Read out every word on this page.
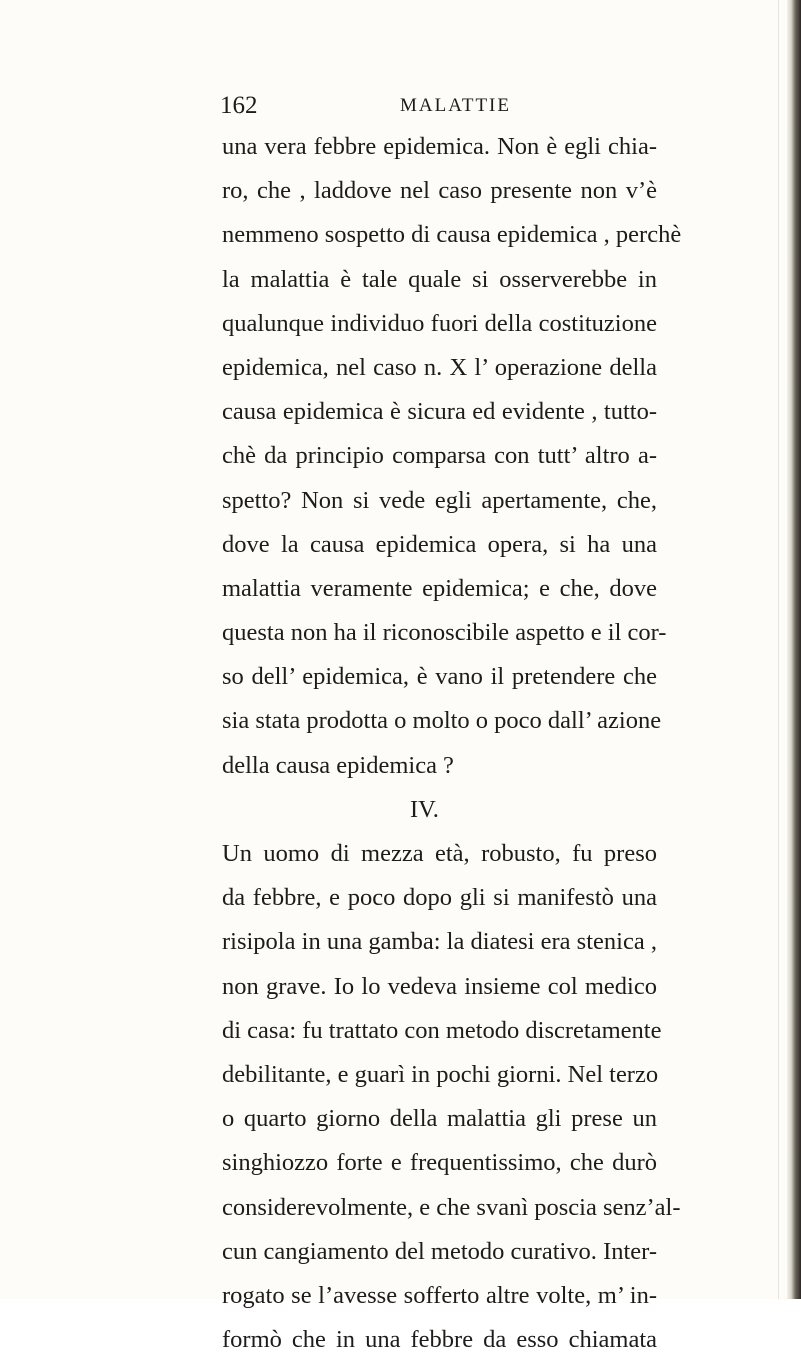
162	MALATTIE
una vera febbre epidemica. Non è egli chia-
ro, che , laddove nel caso presente non v’è
nemmeno sospetto di causa epidemica , perchè
la malattia è tale quale si osserverebbe in
qualunque individuo fuori della costituzione
epidemica, nel caso n. X l’ operazione della
causa epidemica è sicura ed evidente , tutto-
chè da principio comparsa con tutt’ altro a-
spetto? Non si vede egli apertamente, che,
dove la causa epidemica opera, si ha una
malattia veramente epidemica; e che, dove
questa non ha il riconoscibile aspetto e il cor-
so dell’ epidemica, è vano il pretendere che
sia stata prodotta o molto o poco dall’ azione
della causa epidemica ?
IV.
Un uomo di mezza età, robusto, fu preso
da febbre, e poco dopo gli si manifestò una
risipola in una gamba: la diatesi era stenica ,
non grave. Io lo vedeva insieme col medico
di casa: fu trattato con metodo discretamente
debilitante, e guarì in pochi giorni. Nel terzo
o quarto giorno della malattia gli prese un
singhiozzo forte e frequentissimo, che durò
considerevolmente, e che svanì poscia senz’al-
cun cangiamento del metodo curativo. Inter-
rogato se l’avesse sofferto altre volte, m’ in-
formò che in una febbre da esso chiamata
